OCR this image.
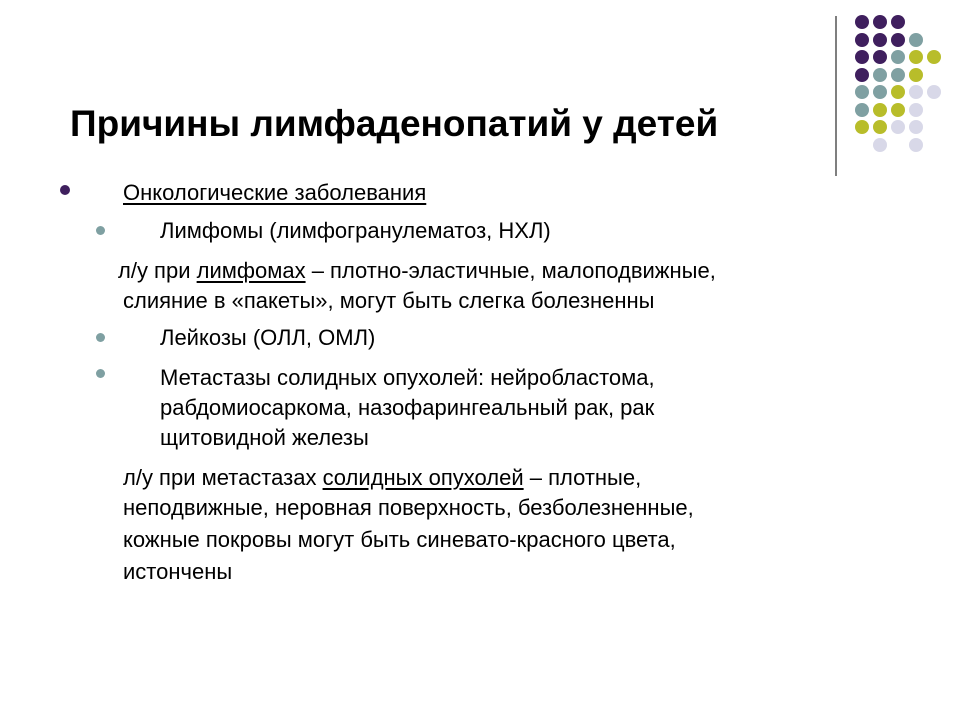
Причины лимфаденопатий у детей
Онкологические заболевания
Лимфомы (лимфогранулематоз, НХЛ)
л/у при лимфомах – плотно-эластичные, малоподвижные,
слияние в «пакеты», могут быть слегка болезненны
Лейкозы (ОЛЛ, ОМЛ)
Метастазы солидных опухолей: нейробластома,
рабдомиосаркома, назофарингеальный рак, рак
щитовидной железы
л/у при метастазах солидных опухолей – плотные,
неподвижные, неровная поверхность, безболезненные,
кожные покровы могут быть синевато-красного цвета,
истончены
